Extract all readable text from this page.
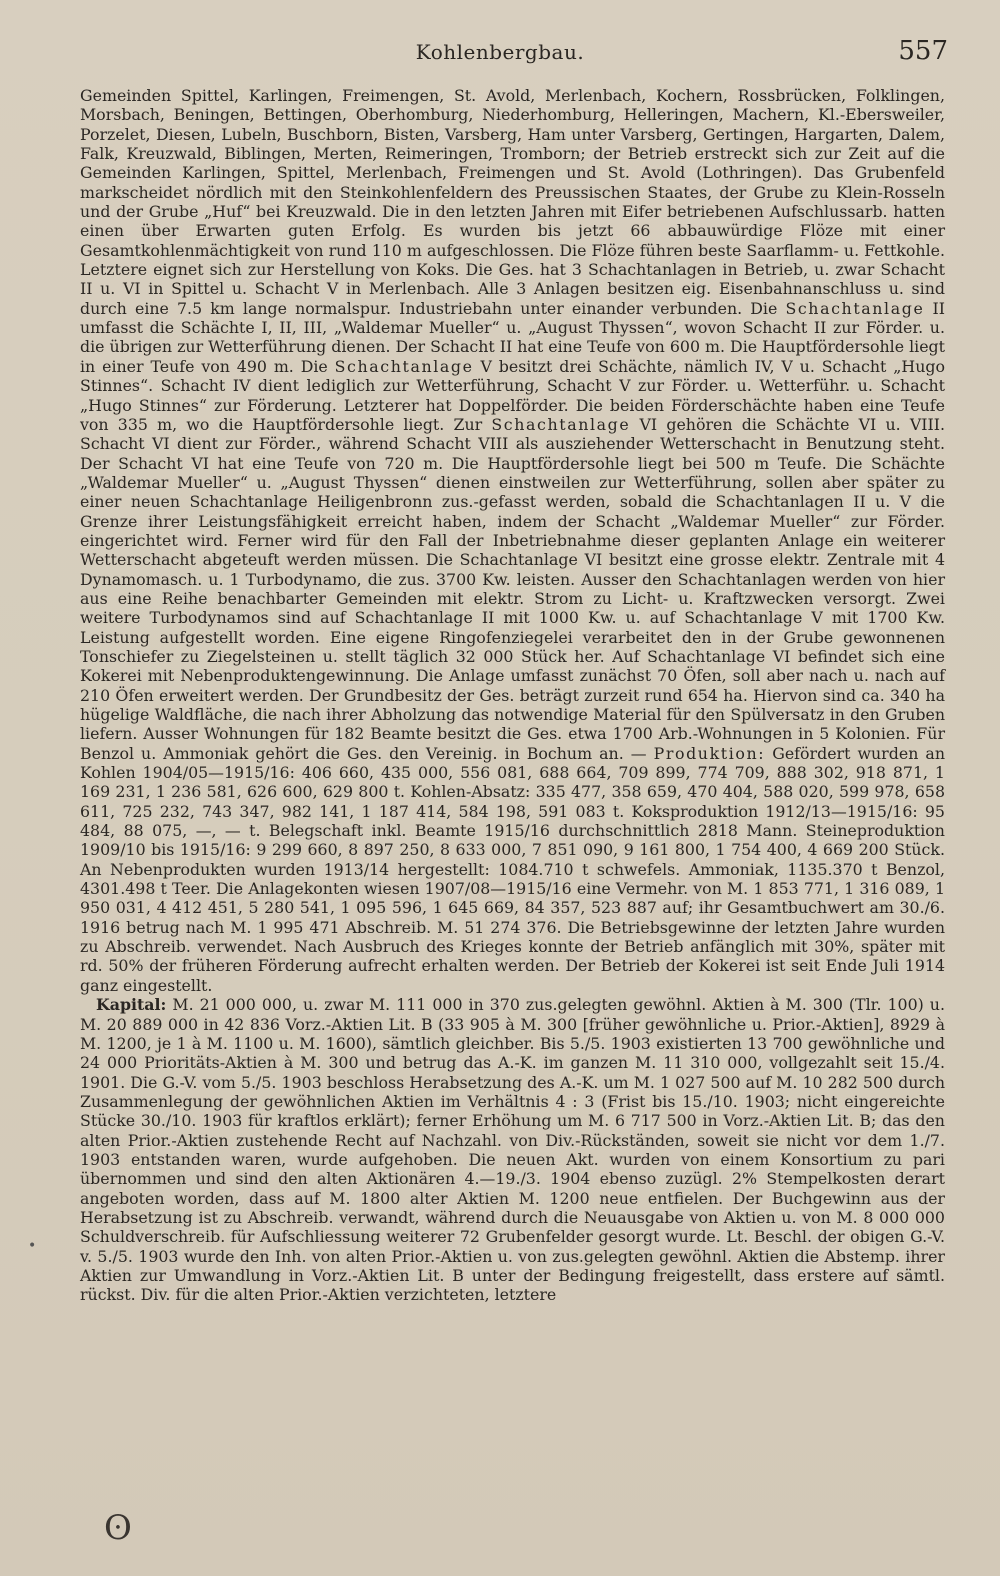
Kohlenbergbau.	557

Gemeinden Spittel, Karlingen, Freimengen, St. Avold, Merlenbach, Kochern, Rossbrücken, Folklingen, Morsbach, Beningen, Bettingen, Oberhomburg, Niederhomburg, Helleringen, Machern, Kl.-Ebersweiler, Porzelet, Diesen, Lubeln, Buschborn, Bisten, Varsberg, Ham unter Varsberg, Gertingen, Hargarten, Dalem, Falk, Kreuzwald, Biblingen, Merten, Reimeringen, Tromborn; der Betrieb erstreckt sich zur Zeit auf die Gemeinden Karlingen, Spittel, Merlenbach, Freimengen und St. Avold (Lothringen). Das Grubenfeld markscheidet nördlich mit den Steinkohlenfeldern des Preussischen Staates, der Grube zu Klein-Rosseln und der Grube „Huf“ bei Kreuzwald. Die in den letzten Jahren mit Eifer betriebenen Aufschlussarb. hatten einen über Erwarten guten Erfolg. Es wurden bis jetzt 66 abbauwürdige Flöze mit einer Gesamtkohlenmächtigkeit von rund 110 m aufgeschlossen. Die Flöze führen beste Saarflamm- u. Fettkohle. Letztere eignet sich zur Herstellung von Koks. Die Ges. hat 3 Schachtanlagen in Betrieb, u. zwar Schacht II u. VI in Spittel u. Schacht V in Merlenbach. Alle 3 Anlagen besitzen eig. Eisenbahnanschluss u. sind durch eine 7.5 km lange normalspur. Industriebahn unter einander verbunden. Die Schachtanlage II umfasst die Schächte I, II, III, „Waldemar Mueller“ u. „August Thyssen“, wovon Schacht II zur Förder. u. die übrigen zur Wetterführung dienen. Der Schacht II hat eine Teufe von 600 m. Die Hauptfördersohle liegt in einer Teufe von 490 m. Die Schachtanlage V besitzt drei Schächte, nämlich IV, V u. Schacht „Hugo Stinnes“. Schacht IV dient lediglich zur Wetterführung, Schacht V zur Förder. u. Wetterführ. u. Schacht „Hugo Stinnes“ zur Förderung. Letzterer hat Doppelförder. Die beiden Förderschächte haben eine Teufe von 335 m, wo die Hauptfördersohle liegt. Zur Schachtanlage VI gehören die Schächte VI u. VIII. Schacht VI dient zur Förder., während Schacht VIII als ausziehender Wetterschacht in Benutzung steht. Der Schacht VI hat eine Teufe von 720 m. Die Hauptfördersohle liegt bei 500 m Teufe. Die Schächte „Waldemar Mueller“ u. „August Thyssen“ dienen einstweilen zur Wetterführung, sollen aber später zu einer neuen Schachtanlage Heiligenbronn zus.-gefasst werden, sobald die Schachtanlagen II u. V die Grenze ihrer Leistungsfähigkeit erreicht haben, indem der Schacht „Waldemar Mueller“ zur Förder. eingerichtet wird. Ferner wird für den Fall der Inbetriebnahme dieser geplanten Anlage ein weiterer Wetterschacht abgeteuft werden müssen. Die Schachtanlage VI besitzt eine grosse elektr. Zentrale mit 4 Dynamomasch. u. 1 Turbodynamo, die zus. 3700 Kw. leisten. Ausser den Schachtanlagen werden von hier aus eine Reihe benachbarter Gemeinden mit elektr. Strom zu Licht- u. Kraftzwecken versorgt. Zwei weitere Turbodynamos sind auf Schachtanlage II mit 1000 Kw. u. auf Schachtanlage V mit 1700 Kw. Leistung aufgestellt worden. Eine eigene Ringofenziegelei verarbeitet den in der Grube gewonnenen Tonschiefer zu Ziegelsteinen u. stellt täglich 32 000 Stück her. Auf Schachtanlage VI befindet sich eine Kokerei mit Nebenproduktengewinnung. Die Anlage umfasst zunächst 70 Öfen, soll aber nach u. nach auf 210 Öfen erweitert werden. Der Grundbesitz der Ges. beträgt zurzeit rund 654 ha. Hiervon sind ca. 340 ha hügelige Waldfläche, die nach ihrer Abholzung das notwendige Material für den Spülversatz in den Gruben liefern. Ausser Wohnungen für 182 Beamte besitzt die Ges. etwa 1700 Arb.-Wohnungen in 5 Kolonien. Für Benzol u. Ammoniak gehört die Ges. den Vereinig. in Bochum an. — Produktion: Gefördert wurden an Kohlen 1904/05—1915/16: 406 660, 435 000, 556 081, 688 664, 709 899, 774 709, 888 302, 918 871, 1 169 231, 1 236 581, 626 600, 629 800 t. Kohlen-Absatz: 335 477, 358 659, 470 404, 588 020, 599 978, 658 611, 725 232, 743 347, 982 141, 1 187 414, 584 198, 591 083 t. Koksproduktion 1912/13—1915/16: 95 484, 88 075, —, — t. Belegschaft inkl. Beamte 1915/16 durchschnittlich 2818 Mann. Steineproduktion 1909/10 bis 1915/16: 9 299 660, 8 897 250, 8 633 000, 7 851 090, 9 161 800, 1 754 400, 4 669 200 Stück. An Nebenprodukten wurden 1913/14 hergestellt: 1084.710 t schwefels. Ammoniak, 1135.370 t Benzol, 4301.498 t Teer. Die Anlagekonten wiesen 1907/08—1915/16 eine Vermehr. von M. 1 853 771, 1 316 089, 1 950 031, 4 412 451, 5 280 541, 1 095 596, 1 645 669, 84 357, 523 887 auf; ihr Gesamtbuchwert am 30./6. 1916 betrug nach M. 1 995 471 Abschreib. M. 51 274 376. Die Betriebsgewinne der letzten Jahre wurden zu Abschreib. verwendet. Nach Ausbruch des Krieges konnte der Betrieb anfänglich mit 30%, später mit rd. 50% der früheren Förderung aufrecht erhalten werden. Der Betrieb der Kokerei ist seit Ende Juli 1914 ganz eingestellt.

Kapital: M. 21 000 000, u. zwar M. 111 000 in 370 zus.gelegten gewöhnl. Aktien à M. 300 (Tlr. 100) u. M. 20 889 000 in 42 836 Vorz.-Aktien Lit. B (33 905 à M. 300 [früher gewöhnliche u. Prior.-Aktien], 8929 à M. 1200, je 1 à M. 1100 u. M. 1600), sämtlich gleichber. Bis 5./5. 1903 existierten 13 700 gewöhnliche und 24 000 Prioritäts-Aktien à M. 300 und betrug das A.-K. im ganzen M. 11 310 000, vollgezahlt seit 15./4. 1901. Die G.-V. vom 5./5. 1903 beschloss Herabsetzung des A.-K. um M. 1 027 500 auf M. 10 282 500 durch Zusammenlegung der gewöhnlichen Aktien im Verhältnis 4 : 3 (Frist bis 15./10. 1903; nicht eingereichte Stücke 30./10. 1903 für kraftlos erklärt); ferner Erhöhung um M. 6 717 500 in Vorz.-Aktien Lit. B; das den alten Prior.-Aktien zustehende Recht auf Nachzahl. von Div.-Rückständen, soweit sie nicht vor dem 1./7. 1903 entstanden waren, wurde aufgehoben. Die neuen Akt. wurden von einem Konsortium zu pari übernommen und sind den alten Aktionären 4.—19./3. 1904 ebenso zuzügl. 2% Stempelkosten derart angeboten worden, dass auf M. 1800 alter Aktien M. 1200 neue entfielen. Der Buchgewinn aus der Herabsetzung ist zu Abschreib. verwandt, während durch die Neuausgabe von Aktien u. von M. 8 000 000 Schuldverschreib. für Aufschliessung weiterer 72 Grubenfelder gesorgt wurde. Lt. Beschl. der obigen G.-V. v. 5./5. 1903 wurde den Inh. von alten Prior.-Aktien u. von zus.gelegten gewöhnl. Aktien die Abstemp. ihrer Aktien zur Umwandlung in Vorz.-Aktien Lit. B unter der Bedingung freigestellt, dass erstere auf sämtl. rückst. Div. für die alten Prior.-Aktien verzichteten, letztere

•
ʘ
